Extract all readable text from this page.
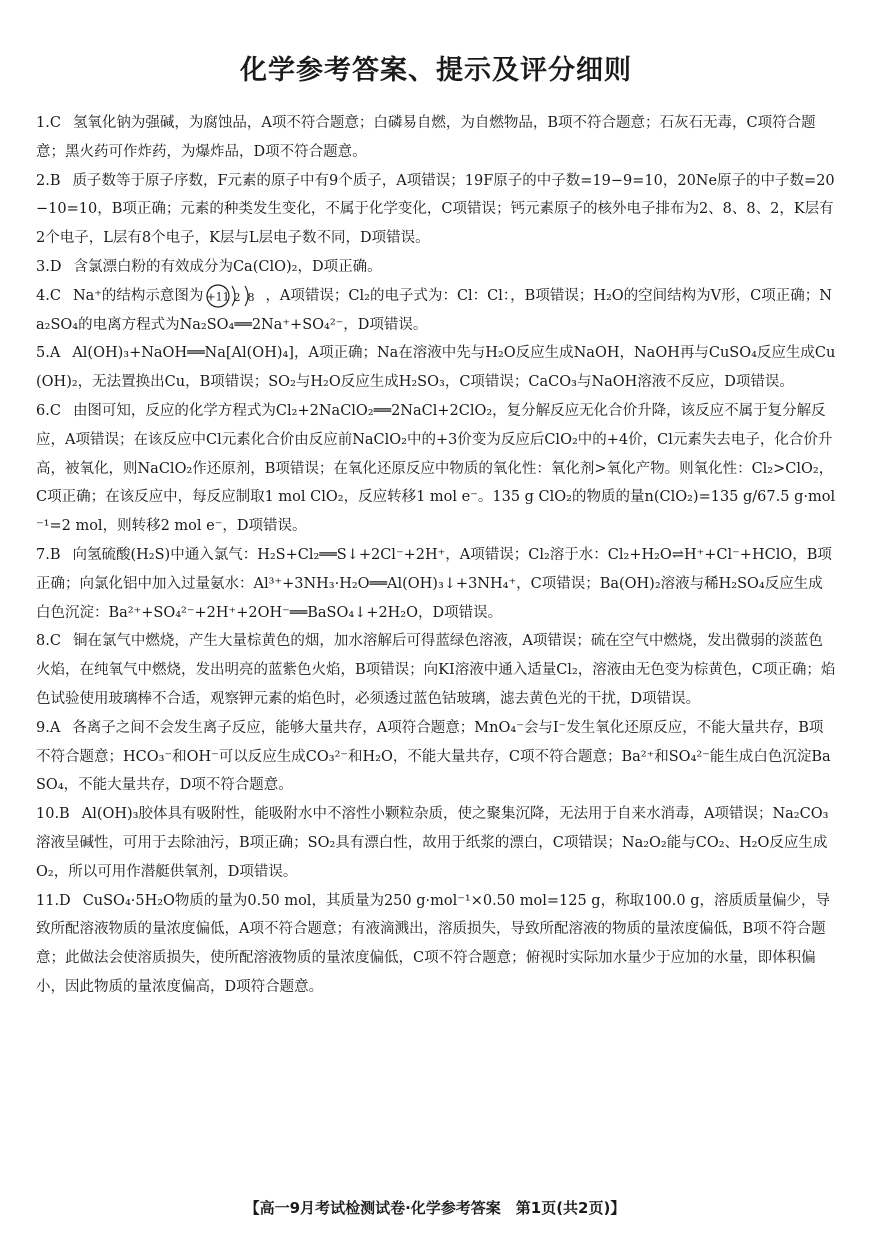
化学参考答案、提示及评分细则
1.C 氢氧化钠为强碱，为腐蚀品，A项不符合题意；白磷易自燃，为自燃物品，B项不符合题意；石灰石无毒，C项符合题意；黑火药可作炸药，为爆炸品，D项不符合题意。
2.B 质子数等于原子序数，F元素的原子中有9个质子，A项错误；19F原子的中子数=19−9=10，20Ne原子的中子数=20−10=10，B项正确；元素的种类发生变化，不属于化学变化，C项错误；钙元素原子的核外电子排布为2、8、8、2，K层有2个电子，L层有8个电子，K层与L层电子数不同，D项错误。
3.D 含氯漂白粉的有效成分为Ca(ClO)₂，D项正确。
4.C Na⁺的结构示意图为 +11 2 8 ，A项错误；Cl₂的电子式为：Cl：Cl：，B项错误；H₂O的空间结构为V形，C项正确；Na₂SO₄的电离方程式为Na₂SO₄══2Na⁺+SO₄²⁻，D项错误。
5.A Al(OH)₃+NaOH══Na[Al(OH)₄]，A项正确；Na在溶液中先与H₂O反应生成NaOH，NaOH再与CuSO₄反应生成Cu(OH)₂，无法置换出Cu，B项错误；SO₂与H₂O反应生成H₂SO₃，C项错误；CaCO₃与NaOH溶液不反应，D项错误。
6.C 由图可知，反应的化学方程式为Cl₂+2NaClO₂══2NaCl+2ClO₂，复分解反应无化合价升降，该反应不属于复分解反应，A项错误；在该反应中Cl元素化合价由反应前NaClO₂中的+3价变为反应后ClO₂中的+4价，Cl元素失去电子，化合价升高，被氧化，则NaClO₂作还原剂，B项错误；在氧化还原反应中物质的氧化性：氧化剂>氧化产物。则氧化性：Cl₂>ClO₂，C项正确；在该反应中，每反应制取1 mol ClO₂，反应转移1 mol e⁻。135 g ClO₂的物质的量n(ClO₂)=135 g/67.5 g·mol⁻¹=2 mol，则转移2 mol e⁻，D项错误。
7.B 向氢硫酸(H₂S)中通入氯气：H₂S+Cl₂══S↓+2Cl⁻+2H⁺，A项错误；Cl₂溶于水：Cl₂+H₂O⇌H⁺+Cl⁻+HClO，B项正确；向氯化铝中加入过量氨水：Al³⁺+3NH₃·H₂O══Al(OH)₃↓+3NH₄⁺，C项错误；Ba(OH)₂溶液与稀H₂SO₄反应生成白色沉淀：Ba²⁺+SO₄²⁻+2H⁺+2OH⁻══BaSO₄↓+2H₂O，D项错误。
8.C 铜在氯气中燃烧，产生大量棕黄色的烟，加水溶解后可得蓝绿色溶液，A项错误；硫在空气中燃烧，发出微弱的淡蓝色火焰，在纯氧气中燃烧，发出明亮的蓝紫色火焰，B项错误；向KI溶液中通入适量Cl₂，溶液由无色变为棕黄色，C项正确；焰色试验使用玻璃棒不合适，观察钾元素的焰色时，必须透过蓝色钴玻璃，滤去黄色光的干扰，D项错误。
9.A 各离子之间不会发生离子反应，能够大量共存，A项符合题意；MnO₄⁻会与I⁻发生氧化还原反应，不能大量共存，B项不符合题意；HCO₃⁻和OH⁻可以反应生成CO₃²⁻和H₂O，不能大量共存，C项不符合题意；Ba²⁺和SO₄²⁻能生成白色沉淀BaSO₄，不能大量共存，D项不符合题意。
10.B Al(OH)₃胶体具有吸附性，能吸附水中不溶性小颗粒杂质，使之聚集沉降，无法用于自来水消毒，A项错误；Na₂CO₃溶液呈碱性，可用于去除油污，B项正确；SO₂具有漂白性，故用于纸浆的漂白，C项错误；Na₂O₂能与CO₂、H₂O反应生成O₂，所以可用作潜艇供氧剂，D项错误。
11.D CuSO₄·5H₂O物质的量为0.50 mol，其质量为250 g·mol⁻¹×0.50 mol=125 g，称取100.0 g，溶质质量偏少，导致所配溶液物质的量浓度偏低，A项不符合题意；有液滴溅出，溶质损失，导致所配溶液的物质的量浓度偏低，B项不符合题意；此做法会使溶质损失，使所配溶液物质的量浓度偏低，C项不符合题意；俯视时实际加水量少于应加的水量，即体积偏小，因此物质的量浓度偏高，D项符合题意。
【高一9月考试检测试卷·化学参考答案　第1页(共2页)】
